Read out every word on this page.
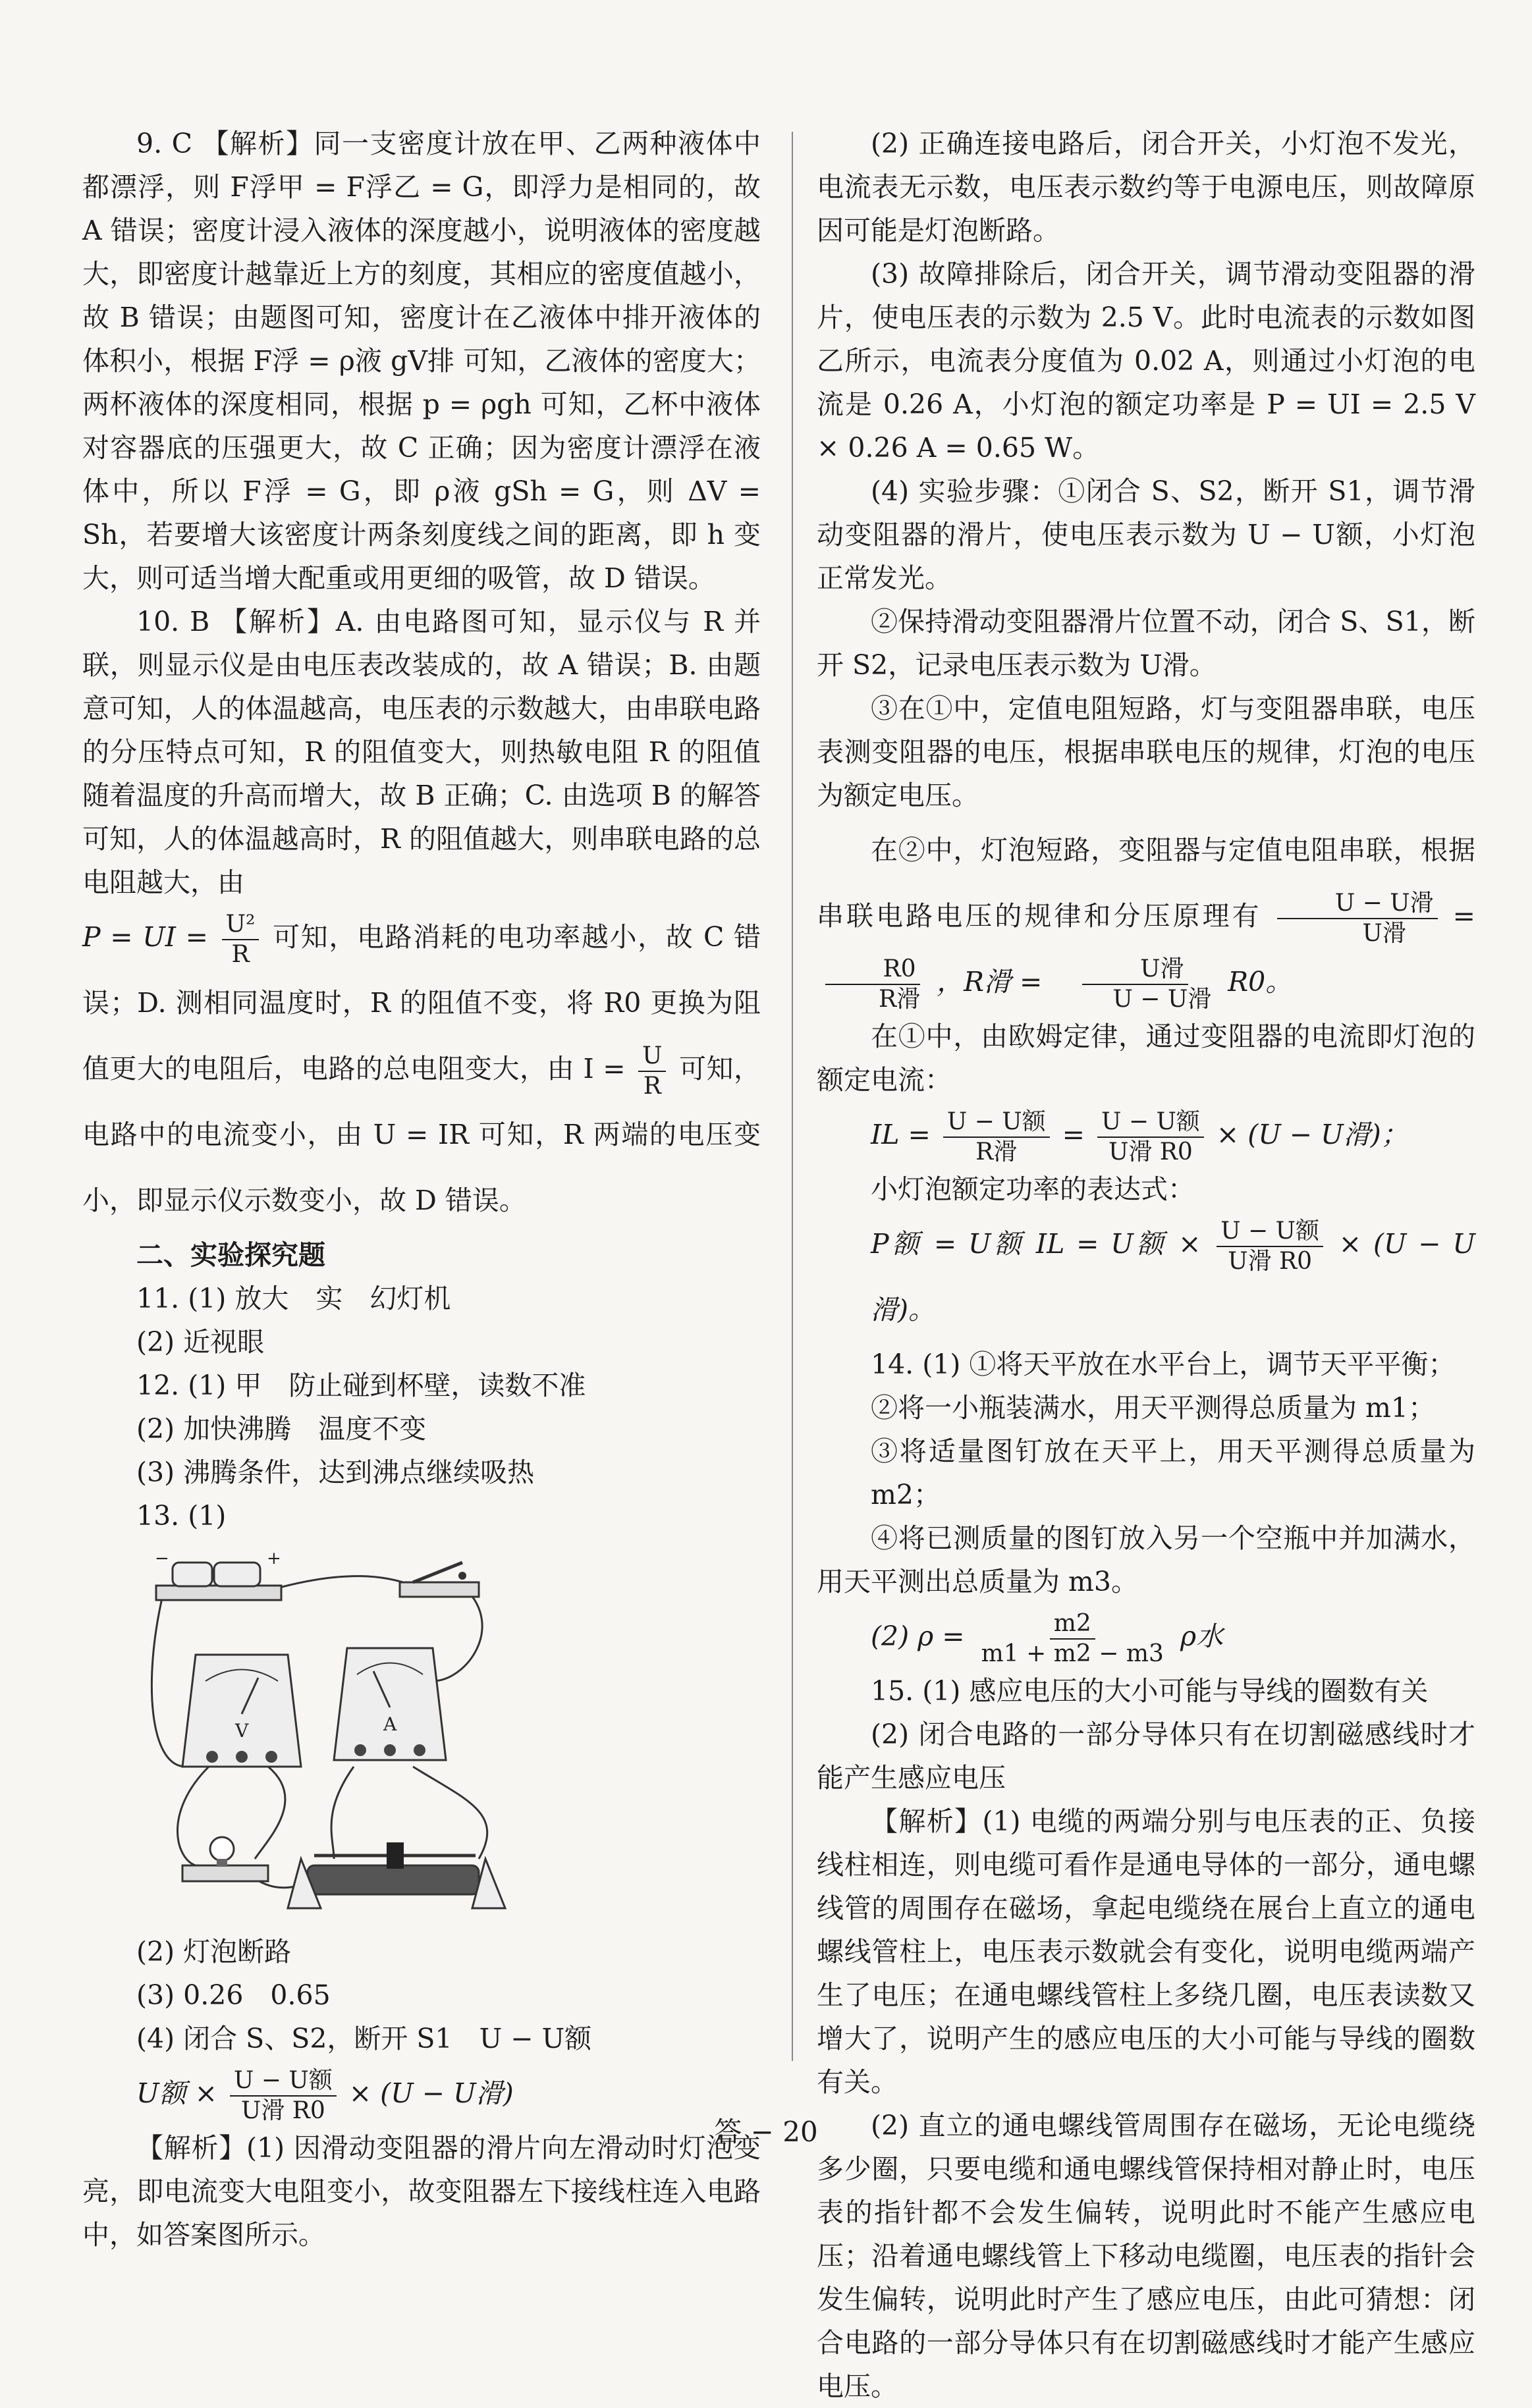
9. C 【解析】同一支密度计放在甲、乙两种液体中都漂浮，则 F浮甲 = F浮乙 = G，即浮力是相同的，故 A 错误；密度计浸入液体的深度越小，说明液体的密度越大，即密度计越靠近上方的刻度，其相应的密度值越小，故 B 错误；由题图可知，密度计在乙液体中排开液体的体积小，根据 F浮 = ρ液 gV排 可知，乙液体的密度大；两杯液体的深度相同，根据 p = ρgh 可知，乙杯中液体对容器底的压强更大，故 C 正确；因为密度计漂浮在液体中，所以 F浮 = G，即 ρ液 gSh = G，则 ΔV = Sh，若要增大该密度计两条刻度线之间的距离，即 h 变大，则可适当增大配重或用更细的吸管，故 D 错误。

10. B 【解析】A. 由电路图可知，显示仪与 R 并联，则显示仪是由电压表改装成的，故 A 错误；B. 由题意可知，人的体温越高，电压表的示数越大，由串联电路的分压特点可知，R 的阻值变大，则热敏电阻 R 的阻值随着温度的升高而增大，故 B 正确；C. 由选项 B 的解答可知，人的体温越高时，R 的阻值越大，则串联电路的总电阻越大，由

P = UI = $\frac{\text{U²}}{R}$ 可知，电路消耗的电功率越小，故 C 错误；D. 测相同温度时，R 的阻值不变，将 R0 更换为阻值更大的电阻后，电路的总电阻变大，由 $I = \frac{U}{R}$ 可知，电路中的电流变小，由 U = IR 可知，R 两端的电压变小，即显示仪示数变小，故 D 错误。

二、实验探究题

11. (1) 放大　实　幻灯机

(2) 近视眼

12. (1) 甲　防止碰到杯壁，读数不准

(2) 加快沸腾　温度不变

(3) 沸腾条件，达到沸点继续吸热

13. (1)

−	+
V	A

(2) 灯泡断路

(3) 0.26　0.65

(4) 闭合 S、S2，断开 S1　U − U额

U额 × $\frac{\text{U − U额}}{\text{U滑 R0}} \times (U - U$滑)

【解析】(1) 因滑动变阻器的滑片向左滑动时灯泡变亮，即电流变大电阻变小，故变阻器左下接线柱连入电路中，如答案图所示。

(2) 正确连接电路后，闭合开关，小灯泡不发光，电流表无示数，电压表示数约等于电源电压，则故障原因可能是灯泡断路。

(3) 故障排除后，闭合开关，调节滑动变阻器的滑片，使电压表的示数为 2.5 V。此时电流表的示数如图乙所示，电流表分度值为 0.02 A，则通过小灯泡的电流是 0.26 A，小灯泡的额定功率是 P = UI = 2.5 V × 0.26 A = 0.65 W。

(4) 实验步骤：①闭合 S、S2，断开 S1，调节滑动变阻器的滑片，使电压表示数为 U − U额，小灯泡正常发光。

②保持滑动变阻器滑片位置不动，闭合 S、S1，断开 S2，记录电压表示数为 U滑。

③在①中，定值电阻短路，灯与变阻器串联，电压表测变阻器的电压，根据串联电压的规律，灯泡的电压为额定电压。

在②中，灯泡短路，变阻器与定值电阻串联，根据串联电路电压的规律和分压原理有 $\frac{\text{U − U滑}}{\text{U滑}}$ =
$\frac{R0}{\text{R滑}}$ ，R滑 = $\frac{\text{U滑}}{\text{U − U滑}} R0$。

在①中，由欧姆定律，通过变阻器的电流即灯泡的额定电流：

IL = $\frac{\text{U − U额}}{\text{R滑}} = \frac{\text{U − U额}}{\text{U滑 R0}} \times (U - U$滑)；

小灯泡额定功率的表达式：

P额 = U额 IL = U额 × $\frac{\text{U − U额}}{\text{U滑 R0}} \times (U - U$滑)。

14. (1) ①将天平放在水平台上，调节天平平衡；

②将一小瓶装满水，用天平测得总质量为 m1；

③将适量图钉放在天平上，用天平测得总质量为 m2；

④将已测质量的图钉放入另一个空瓶中并加满水，用天平测出总质量为 m3。

(2) $\rho = \frac{m2}{m1 + m2 - m3}$ ρ水

15. (1) 感应电压的大小可能与导线的圈数有关

(2) 闭合电路的一部分导体只有在切割磁感线时才能产生感应电压

【解析】(1) 电缆的两端分别与电压表的正、负接线柱相连，则电缆可看作是通电导体的一部分，通电螺线管的周围存在磁场，拿起电缆绕在展台上直立的通电螺线管柱上，电压表示数就会有变化，说明电缆两端产生了电压；在通电螺线管柱上多绕几圈，电压表读数又增大了，说明产生的感应电压的大小可能与导线的圈数有关。

(2) 直立的通电螺线管周围存在磁场，无论电缆绕多少圈，只要电缆和通电螺线管保持相对静止时，电压表的指针都不会发生偏转，说明此时不能产生感应电压；沿着通电螺线管上下移动电缆圈，电压表的指针会发生偏转，说明此时产生了感应电压，由此可猜想：闭合电路的一部分导体只有在切割磁感线时才能产生感应电压。

答 − 20
